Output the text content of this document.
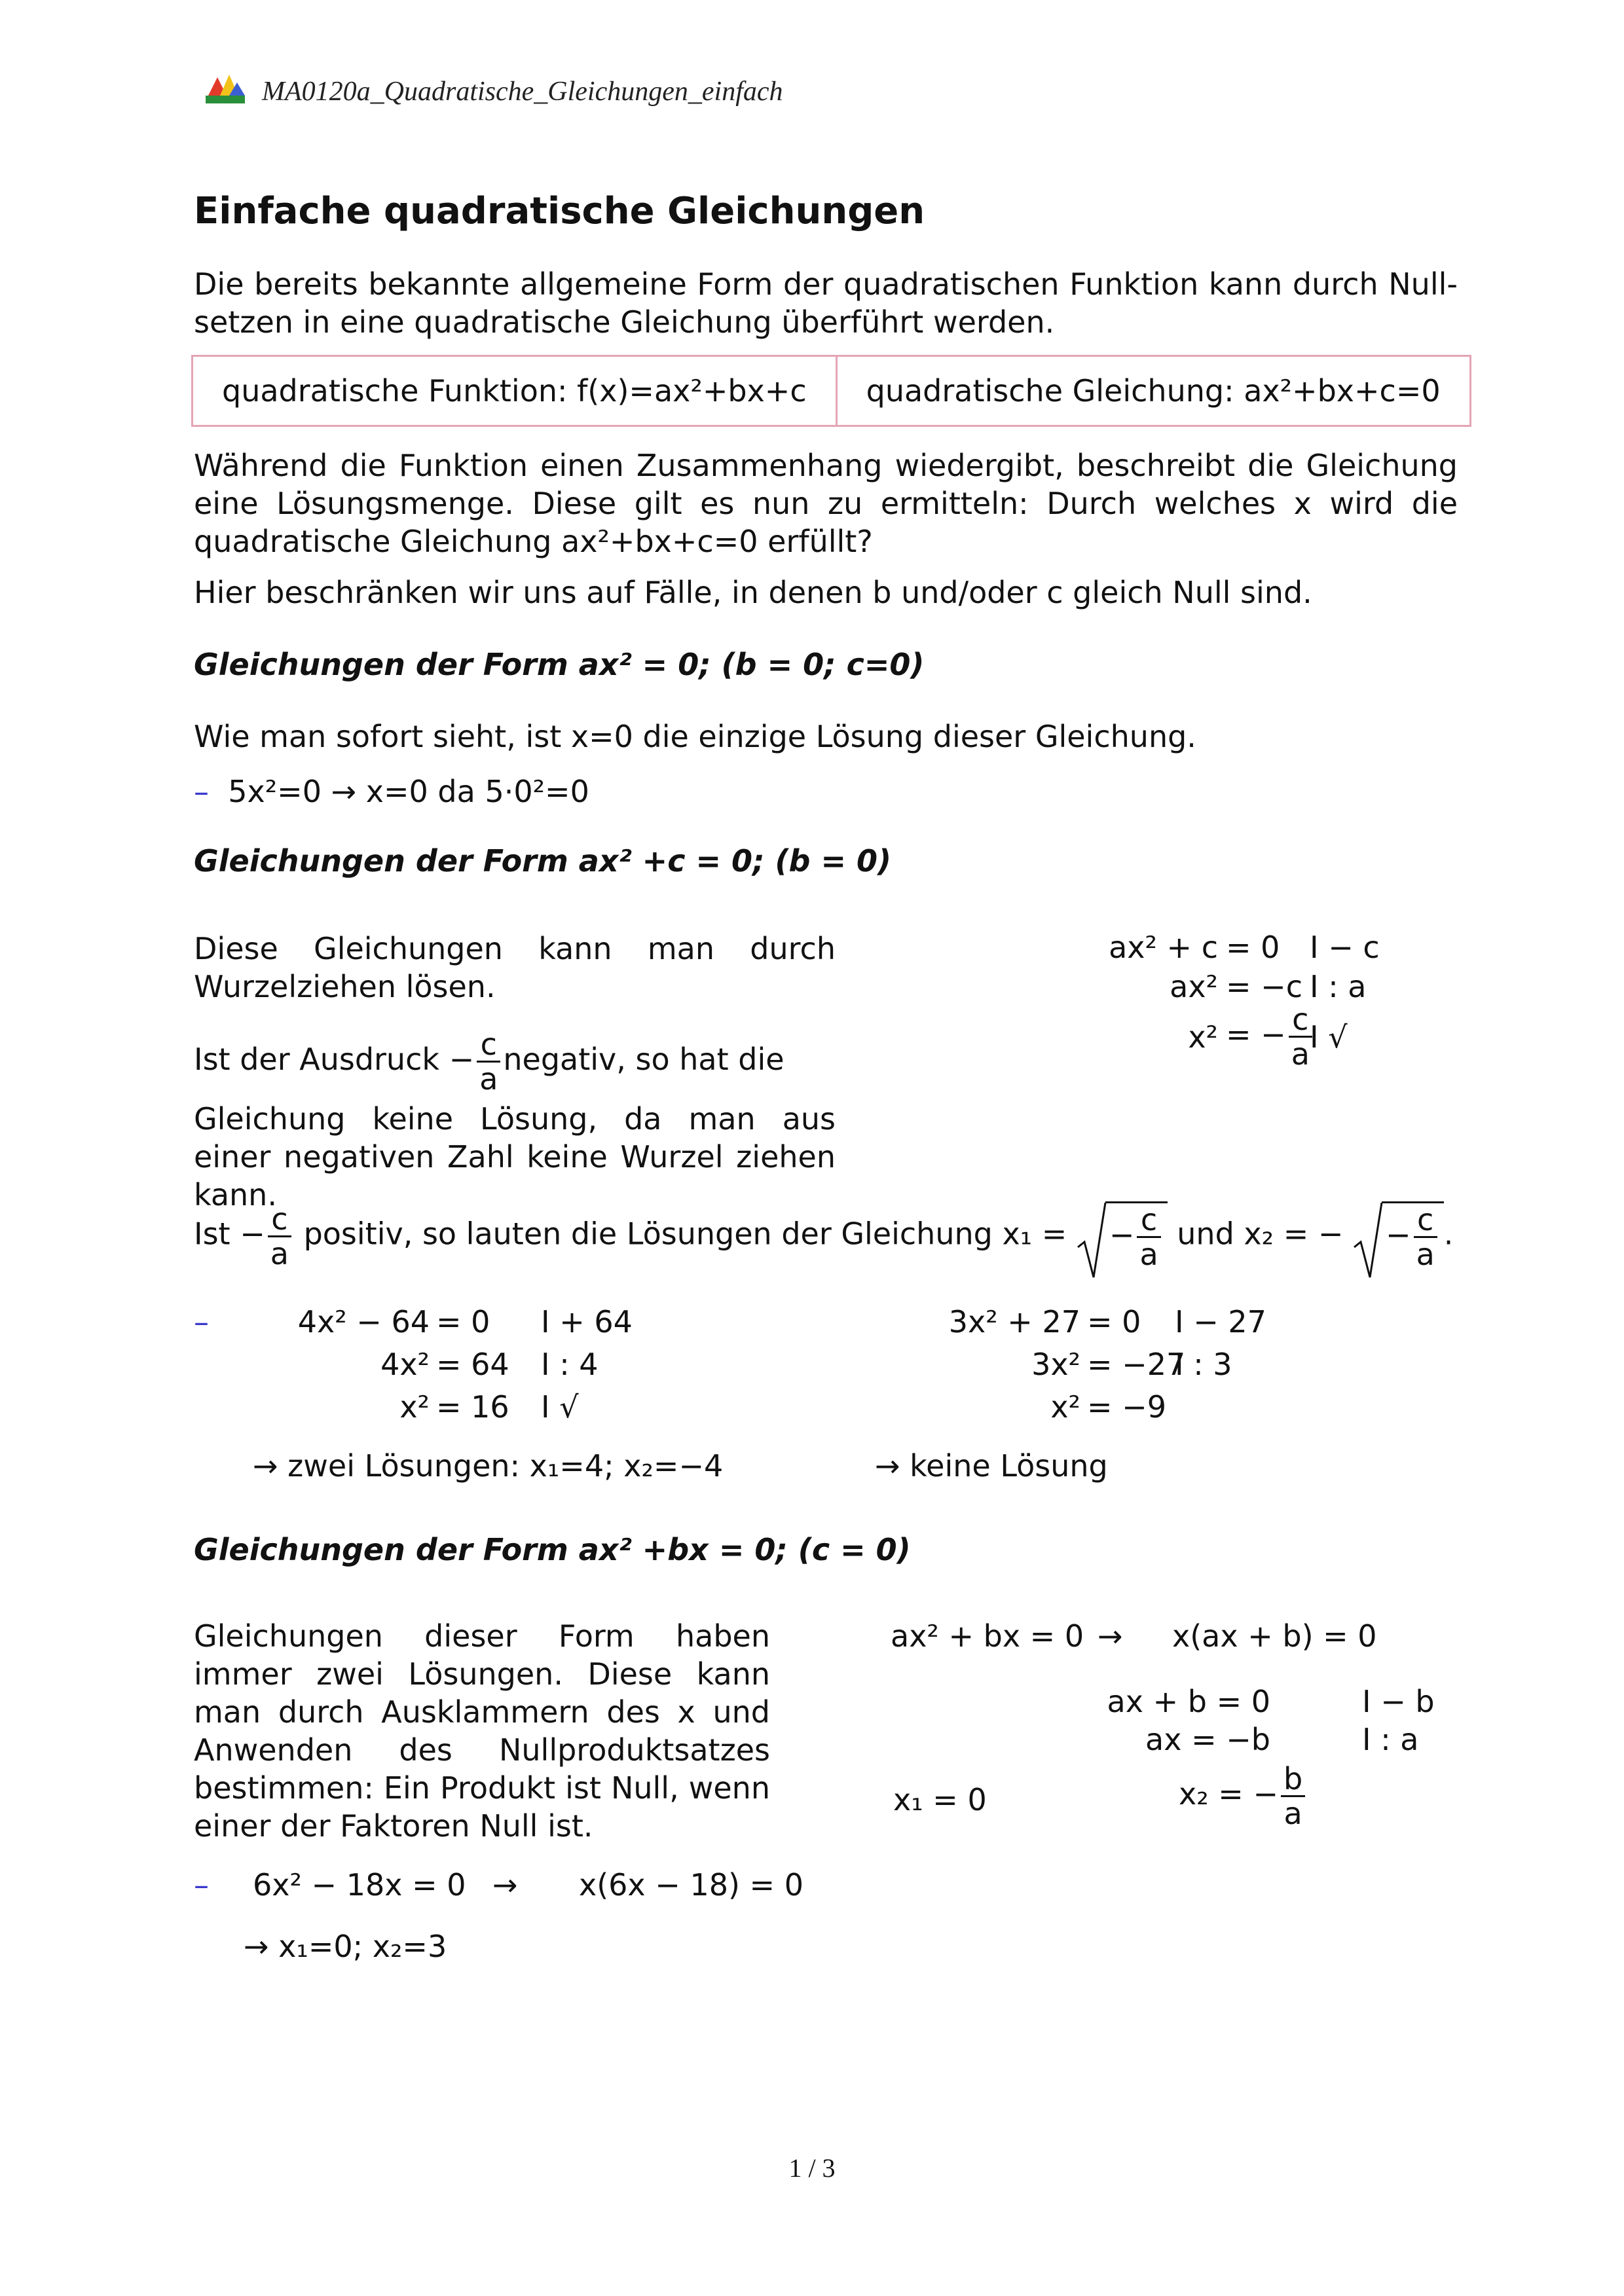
MA0120a_Quadratische_Gleichungen_einfach
Einfache quadratische Gleichungen
Die bereits bekannte allgemeine Form der quadratischen Funktion kann durch Null-setzen in eine quadratische Gleichung überführt werden.
quadratische Funktion: f(x)=ax²+bx+c	quadratische Gleichung: ax²+bx+c=0
Während die Funktion einen Zusammenhang wiedergibt, beschreibt die Gleichung eine Lösungsmenge. Diese gilt es nun zu ermitteln: Durch welches x wird die quadratische Gleichung ax²+bx+c=0 erfüllt?
Hier beschränken wir uns auf Fälle, in denen b und/oder c gleich Null sind.
Gleichungen der Form ax² = 0; (b = 0; c=0)
Wie man sofort sieht, ist x=0 die einzige Lösung dieser Gleichung.
–  5x²=0 → x=0 da 5·0²=0
Gleichungen der Form ax² +c = 0; (b = 0)
Diese Gleichungen kann man durch Wurzelziehen lösen.
Ist der Ausdruck − $\frac{c}{a}$ negativ, so hat die
Gleichung keine Lösung, da man aus einer negativen Zahl keine Wurzel ziehen kann.
ax² + c = 0 I − c
ax² = −c I : a
x² = − $\frac{c}{a}$
I √
Ist − $\frac{c}{a}$ positiv, so lauten die Lösungen der Gleichung x₁ = − $\frac{c}{a}$ und x₂ = − − $\frac{c}{a}$ .
–	4x² − 64 = 0 I + 64
4x² = 64 I : 4
x² = 16 I √
3x² + 27 = 0 I − 27
3x² = −27
I : 3
x² = −9
→ zwei Lösungen: x₁=4; x₂=−4	→ keine Lösung
Gleichungen der Form ax² +bx = 0; (c = 0)
Gleichungen dieser Form haben immer zwei Lösungen. Diese kann man durch Ausklammern des x und Anwenden des Nullproduktsatzes bestimmen: Ein Produkt ist Null, wenn einer der Faktoren Null ist.
ax² + bx = 0 → x(ax + b) = 0
ax + b = 0	I − b
ax = −b	I : a
x₁ = 0	x₂ = − $\frac{b}{a}$
– 6x² − 18x = 0 → x(6x − 18) = 0
→ x₁=0; x₂=3
1 / 3
